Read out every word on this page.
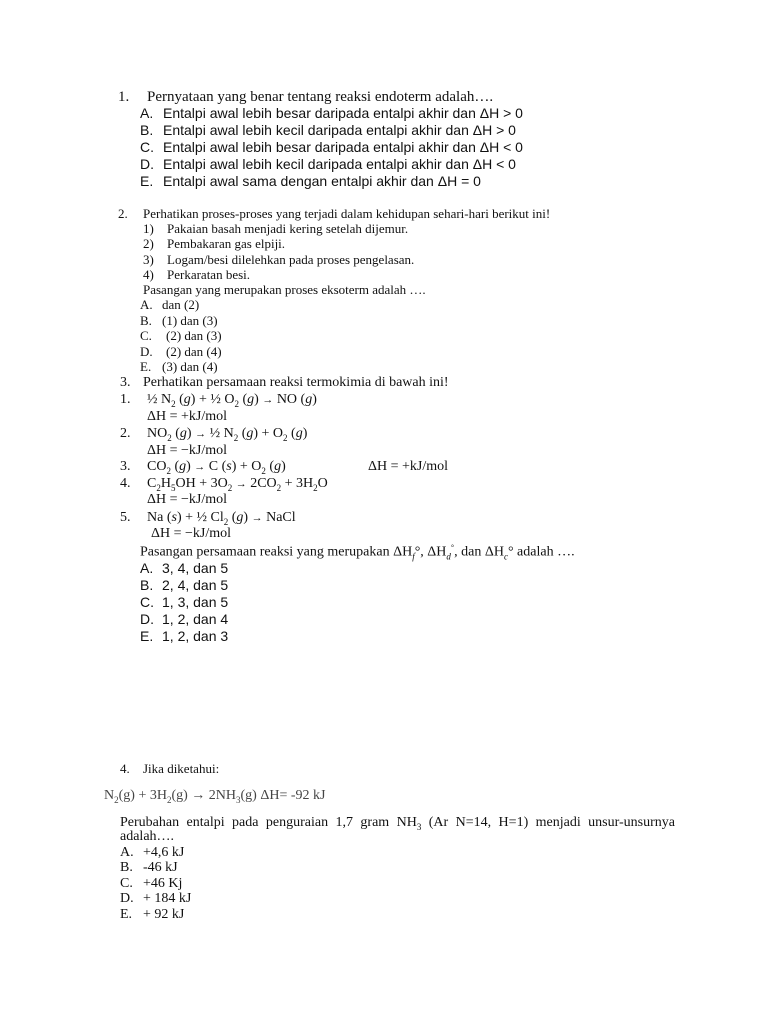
1. Pernyataan yang benar tentang reaksi endoterm adalah….
A. Entalpi awal lebih besar daripada entalpi akhir dan ΔH > 0
B. Entalpi awal lebih kecil daripada entalpi akhir dan ΔH > 0
C. Entalpi awal lebih besar daripada entalpi akhir dan ΔH < 0
D. Entalpi awal lebih kecil daripada entalpi akhir dan ΔH < 0
E. Entalpi awal sama dengan entalpi akhir dan ΔH = 0
2. Perhatikan proses-proses yang terjadi dalam kehidupan sehari-hari berikut ini!
1) Pakaian basah menjadi kering setelah dijemur.
2) Pembakaran gas elpiji.
3) Logam/besi dilelehkan pada proses pengelasan.
4) Perkaratan besi.
Pasangan yang merupakan proses eksoterm adalah ….
A. dan (2)
B. (1) dan (3)
C. (2) dan (3)
D. (2) dan (4)
E. (3) dan (4)
3. Perhatikan persamaan reaksi termokimia di bawah ini!
1. ½ $N_2$ (g) + ½ $O_2$ (g) → NO (g)
ΔH = +kJ/mol
2. $NO_2$ (g) → ½ $N_2$ $(g) + O_2$ (g)
ΔH = −kJ/mol
3. $CO_2$ (g) → C $(s) + O_2$ (g)	ΔH = +kJ/mol
4. $C_2H_5OH + 3O_2 \to 2CO_2 + 3H_2O$
ΔH = −kJ/mol
5. Na (s) + ½ $Cl_2$ (g) → NaCl
ΔH = −kJ/mol
Pasangan persamaan reaksi yang merupakan $\Delta H_f^\circ$, $\Delta H_d^\circ$, dan $\Delta H_c^\circ$ adalah ….
A. 3, 4, dan 5
B. 2, 4, dan 5
C. 1, 3, dan 5
D. 1, 2, dan 4
E. 1, 2, dan 3
4. Jika diketahui:
$N_2(g) + 3H_2(g) \to 2NH_3(g)$ ΔH= -92 kJ
Perubahan entalpi pada penguraian 1,7 gram $NH_3$ (Ar N=14, H=1) menjadi unsur-unsurnya
adalah….
A. +4,6 kJ
B. -46 kJ
C. +46 Kj
D. + 184 kJ
E. + 92 kJ
